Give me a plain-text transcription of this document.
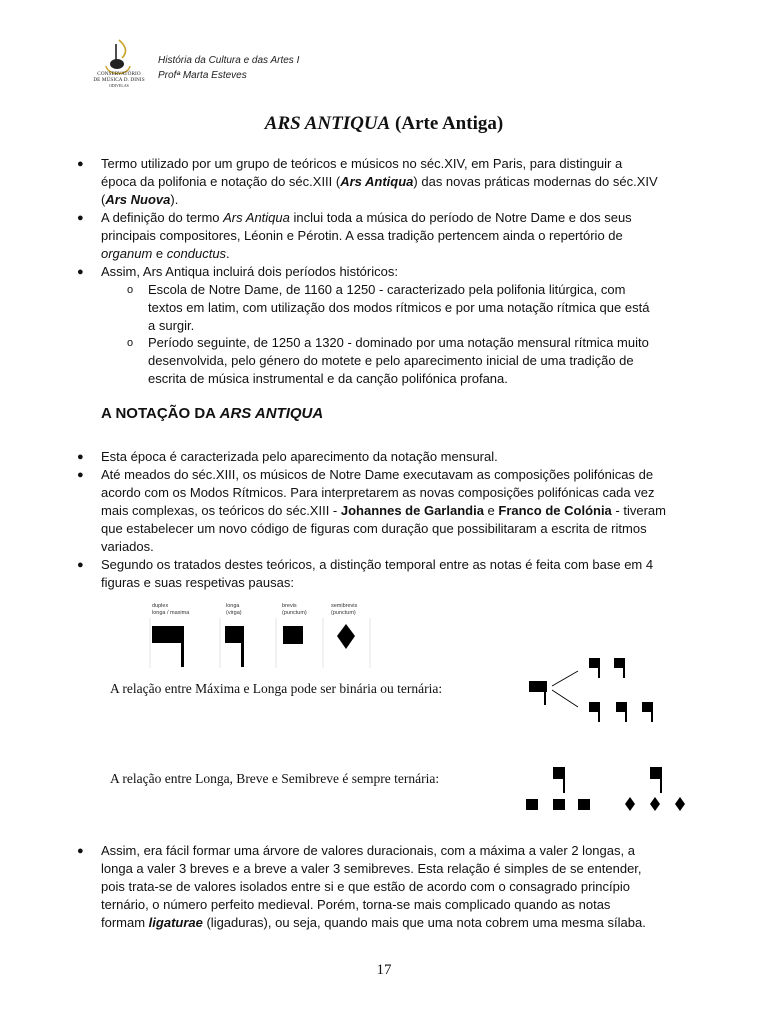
CONSERVATÓRIO
DE MÚSICA D. DINIS
ODIVELAS
História da Cultura e das Artes I
Profª Marta Esteves
ARS ANTIQUA (Arte Antiga)
● Termo utilizado por um grupo de teóricos e músicos no séc.XIV, em Paris, para distinguir a
época da polifonia e notação do séc.XIII (Ars Antiqua) das novas práticas modernas do séc.XIV
(Ars Nuova).
● A definição do termo Ars Antiqua inclui toda a música do período de Notre Dame e dos seus
principais compositores, Léonin e Pérotin. A essa tradição pertencem ainda o repertório de
organum e conductus.
● Assim, Ars Antiqua incluirá dois períodos históricos:
o Escola de Notre Dame, de 1160 a 1250 - caracterizado pela polifonia litúrgica, com
textos em latim, com utilização dos modos rítmicos e por uma notação rítmica que está
a surgir.
o Período seguinte, de 1250 a 1320 - dominado por uma notação mensural rítmica muito
desenvolvida, pelo género do motete e pelo aparecimento inicial de uma tradição de
escrita de música instrumental e da canção polifónica profana.
A NOTAÇÃO DA ARS ANTIQUA
● Esta época é caracterizada pelo aparecimento da notação mensural.
● Até meados do séc.XIII, os músicos de Notre Dame executavam as composições polifónicas de
acordo com os Modos Rítmicos. Para interpretarem as novas composições polifónicas cada vez
mais complexas, os teóricos do séc.XIII - Johannes de Garlandia e Franco de Colónia - tiveram
que estabelecer um novo código de figuras com duração que possibilitaram a escrita de ritmos
variados.
● Segundo os tratados destes teóricos, a distinção temporal entre as notas é feita com base em 4
figuras e suas respetivas pausas:
duplex
longa / maxima
longa
(virga)
brevis
(punctum)
semibrevis
(punctum)
A relação entre Máxima e Longa pode ser binária ou ternária:
A relação entre Longa, Breve e Semibreve é sempre ternária:
● Assim, era fácil formar uma árvore de valores duracionais, com a máxima a valer 2 longas, a
longa a valer 3 breves e a breve a valer 3 semibreves. Esta relação é simples de se entender,
pois trata-se de valores isolados entre si e que estão de acordo com o consagrado princípio
ternário, o número perfeito medieval. Porém, torna-se mais complicado quando as notas
formam ligaturae (ligaduras), ou seja, quando mais que uma nota cobrem uma mesma sílaba.
17
